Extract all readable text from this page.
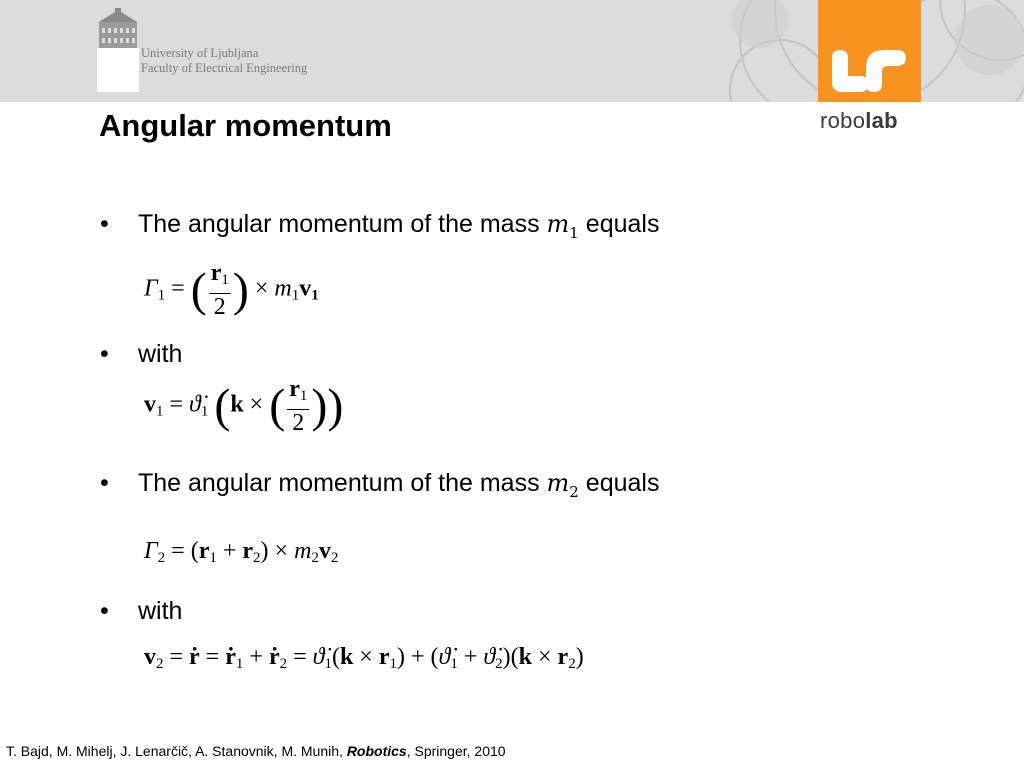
University of Ljubljana
Faculty of Electrical Engineering
robolab
Angular momentum
• The angular momentum of the mass $m_1$ equals
$\Gamma_1$ = ( $\frac{r_1}{2}$ ) × $m_1v_1$
• with
$v_1$ = $ϑ̇_1$ (k × ( $\frac{r_1}{2}$ ))
• The angular momentum of the mass $m_2$ equals
$\Gamma_2 = (r_1 + r_2) \times m_2v_2$
• with
$v_2$ = ṙ = ṙ$_1$ + ṙ$_2$ = $ϑ̇_1(k \times r_1)$ + ($ϑ̇_1$ + $ϑ̇_2)(k \times r_2)$
T. Bajd, M. Mihelj, J. Lenarčič, A. Stanovnik, M. Munih, Robotics, Springer, 2010
